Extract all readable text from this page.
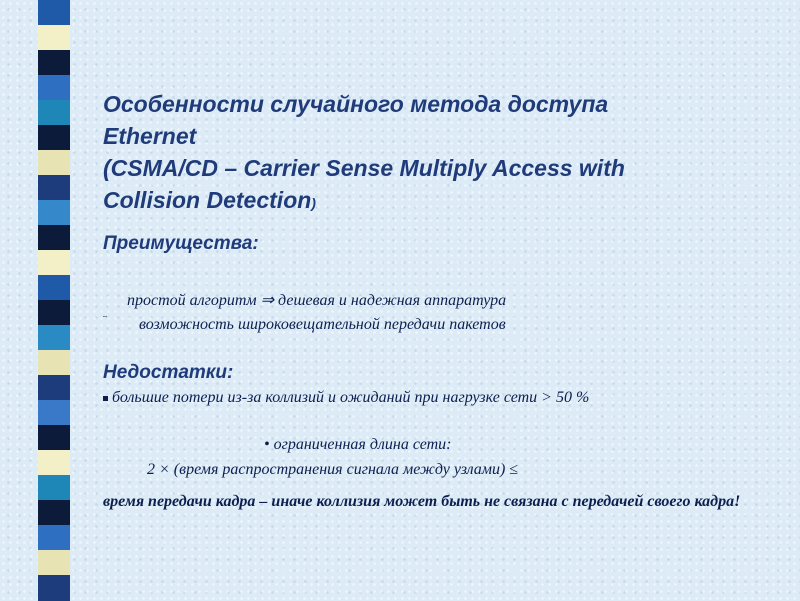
Особенности случайного метода доступа
Ethernet
(CSMA/CD – Carrier Sense Multiply Access with
Collision Detection)
Преимущества:

простой алгоритм ⇒ дешевая и надежная аппаратура

¨ возможность широковещательной передачи пакетов

Недостатки:

большие потери из-за коллизий и ожиданий при нагрузке сети > 50 %

• ограниченная длина сети:

2 × (время распространения сигнала между узлами) ≤

время передачи кадра – иначе коллизия может быть не связана с передачей своего кадра!
